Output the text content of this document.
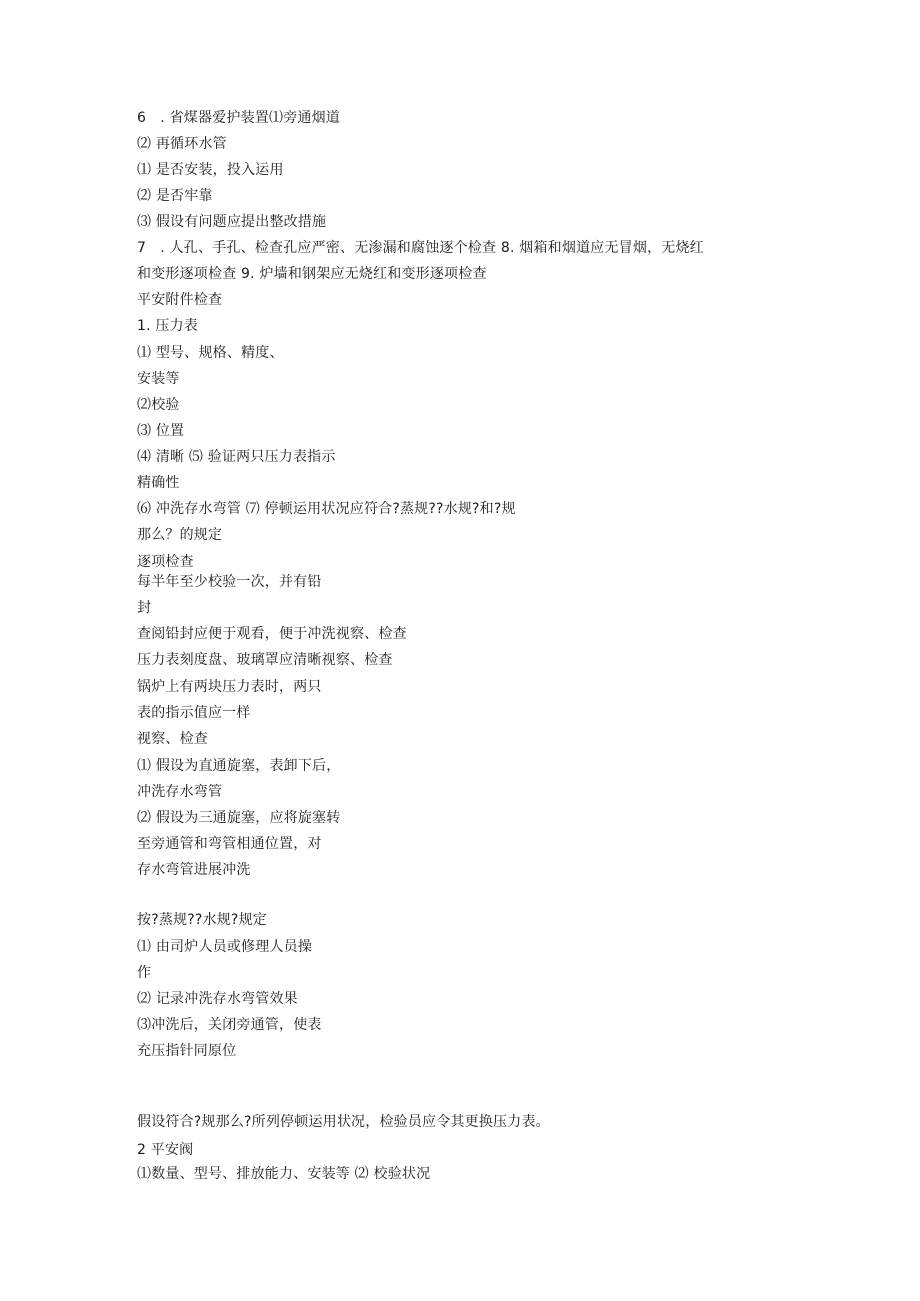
6　. 省煤器爱护装置⑴旁通烟道
⑵ 再循环水管
⑴ 是否安装，投入运用
⑵ 是否牢靠
⑶ 假设有问题应提出整改措施
7　. 人孔、手孔、检查孔应严密、无渗漏和腐蚀逐个检查 8. 烟箱和烟道应无冒烟，无烧红
和变形逐项检查 9. 炉墙和钢架应无烧红和变形逐项检查
平安附件检查
1. 压力表
⑴ 型号、规格、精度、
安装等
⑵校验
⑶ 位置
⑷ 清晰 ⑸ 验证两只压力表指示
精确性
⑹ 冲洗存水弯管 ⑺ 停顿运用状况应符合?蒸规??水规?和?规
那么？的规定
逐项检查
每半年至少校验一次，并有铅
封
查阅铅封应便于观看，便于冲洗视察、检查
压力表刻度盘、玻璃罩应清晰视察、检查
锅炉上有两块压力表时，两只
表的指示值应一样
视察、检查
⑴ 假设为直通旋塞，表卸下后，
冲洗存水弯管
⑵ 假设为三通旋塞，应将旋塞转
至旁通管和弯管相通位置，对
存水弯管进展冲洗
按?蒸规??水规?规定
⑴ 由司炉人员或修理人员操
作
⑵ 记录冲洗存水弯管效果
⑶冲洗后，关闭旁通管，使表
充压指针同原位
假设符合?规那么?所列停顿运用状况，检验员应令其更换压力表。
2 平安阀
⑴数量、型号、排放能力、安装等 ⑵ 校验状况
